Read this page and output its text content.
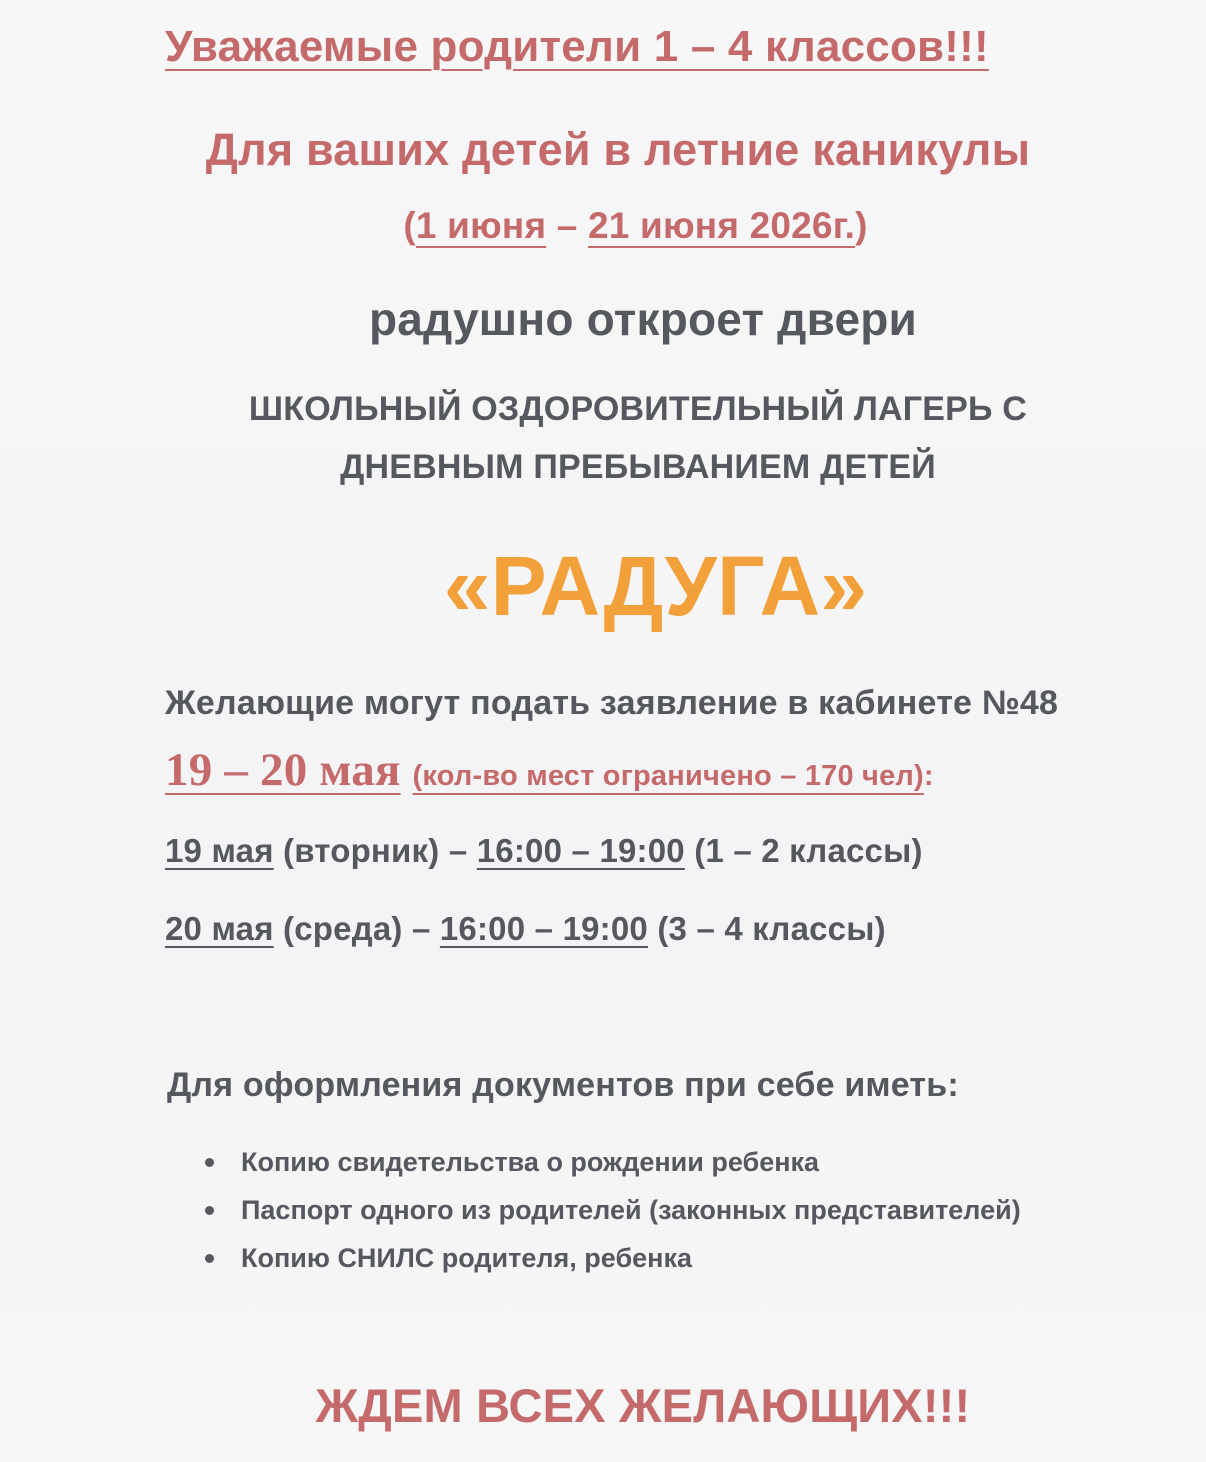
Уважаемые родители 1 – 4 классов!!!
Для ваших детей в летние каникулы
(1 июня – 21 июня 2026г.)
радушно откроет двери
ШКОЛЬНЫЙ ОЗДОРОВИТЕЛЬНЫЙ ЛАГЕРЬ С
ДНЕВНЫМ ПРЕБЫВАНИЕМ ДЕТЕЙ
«РАДУГА»
Желающие могут подать заявление в кабинете №48
19 – 20 мая (кол-во мест ограничено – 170 чел):
19 мая (вторник) – 16:00 – 19:00 (1 – 2 классы)
20 мая (среда) – 16:00 – 19:00 (3 – 4 классы)
Для оформления документов при себе иметь:
Копию свидетельства о рождении ребенка
Паспорт одного из родителей (законных представителей)
Копию СНИЛС родителя, ребенка
ЖДЕМ ВСЕХ ЖЕЛАЮЩИХ!!!
